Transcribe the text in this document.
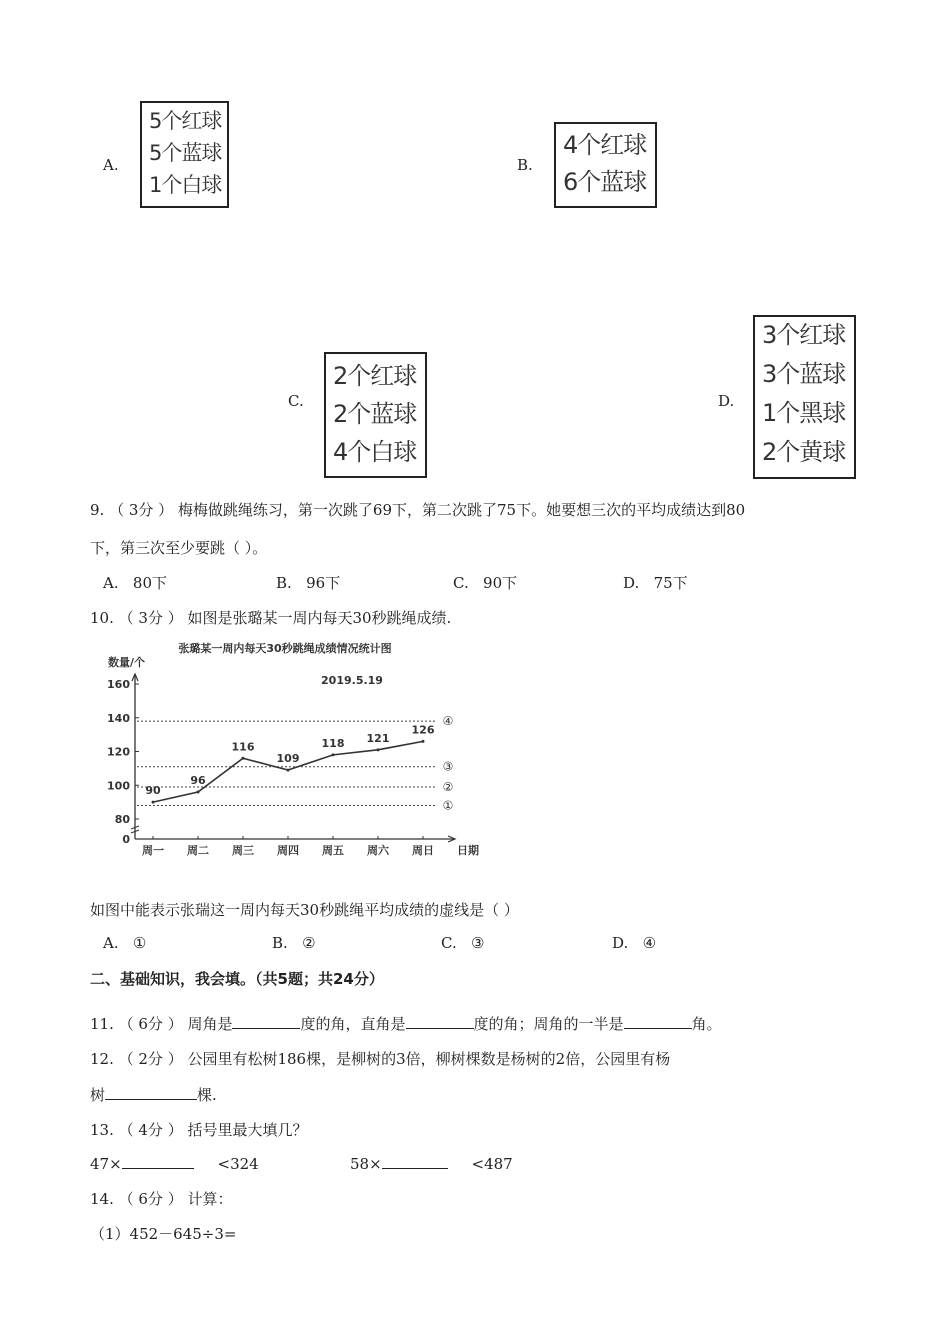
A.
5个红球
5个蓝球
1个白球
B.
4个红球
6个蓝球
C.
2个红球
2个蓝球
4个白球
D.
3个红球
3个蓝球
1个黑球
2个黄球
9. （ 3分 ） 梅梅做跳绳练习，第一次跳了69下，第二次跳了75下。她要想三次的平均成绩达到80
下，第三次至少要跳（ ）。
A. 80下	B. 96下	C. 90下	D. 75下
10. （ 3分 ） 如图是张璐某一周内每天30秒跳绳成绩.
张璐某一周内每天30秒跳绳成绩情况统计图
2019.5.19
数量/个
日期
0
80
100
120
140
160
周一 周二 周三 周四 周五 周六 周日
①
②
③
④
90
96
116
109
118 121
126
如图中能表示张瑞这一周内每天30秒跳绳平均成绩的虚线是（ ）
A. ①	B. ②	C. ③	D. ④
二、基础知识，我会填。（共5题；共24分）
11. （ 6分 ） 周角是	度的角，直角是	度的角；周角的一半是	角。
12. （ 2分 ） 公园里有松树186棵，是柳树的3倍，柳树棵数是杨树的2倍，公园里有杨
树	棵.
13. （ 4分 ） 括号里最大填几？
47×	<324	58×	<487
14. （ 6分 ） 计算：
（1）452－645÷3=
